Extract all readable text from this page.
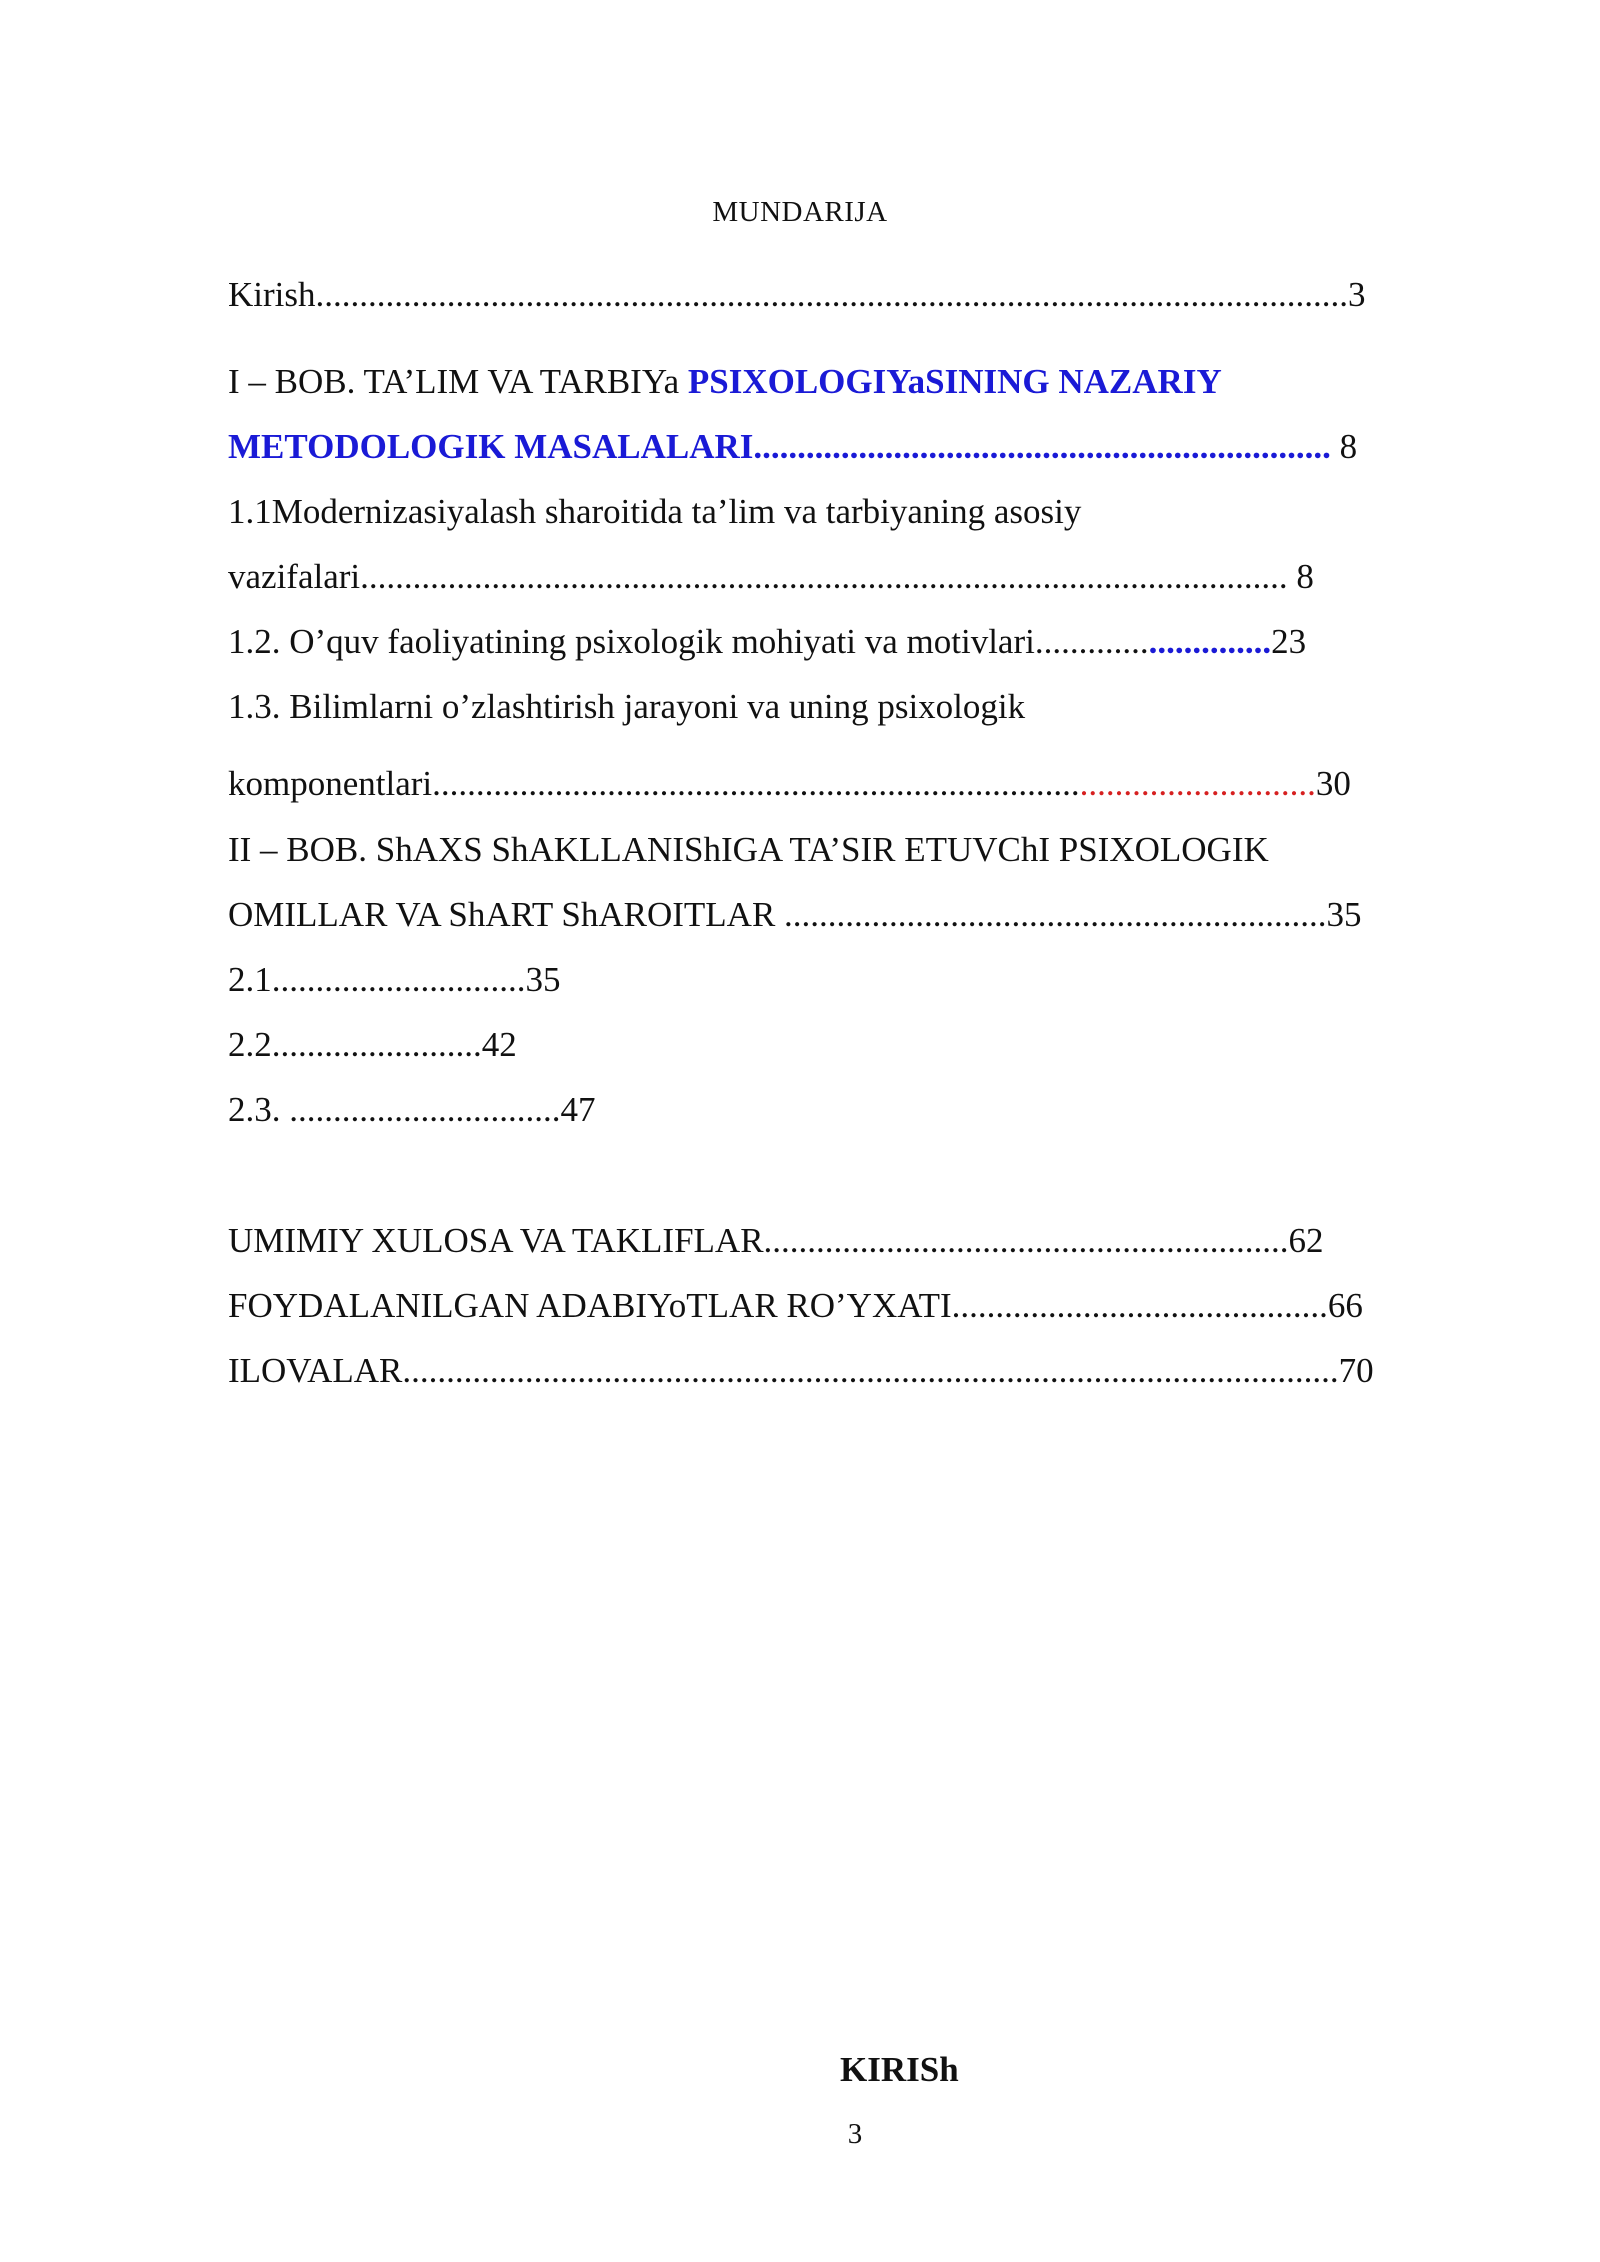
MUNDARIJA
Kirish......................................................................................................................3
I – BOB. TA’LIM VA TARBIYa PSIXOLOGIYaSINING NAZARIY
METODOLOGIK MASALALARI.................................................................. 8
1.1Modernizasiyalash sharoitida ta’lim va tarbiyaning asosiy
vazifalari.......................................................................................................... 8
1.2. O’quv faoliyatining psixologik mohiyati va motivlari...........................23
1.3. Bilimlarni o’zlashtirish jarayoni va uning psixologik
komponentlari.....................................................................................................30
II – BOB. ShAXS ShAKLLANIShIGA TA’SIR ETUVChI PSIXOLOGIK
OMILLAR VA ShART ShAROITLAR ..............................................................35
2.1.............................35
2.2........................42
2.3. ...............................47
UMIMIY XULOSA VA TAKLIFLAR............................................................62
FOYDALANILGAN ADABIYoTLAR RO’YXATI...........................................66
ILOVALAR...........................................................................................................70
KIRISh
3
